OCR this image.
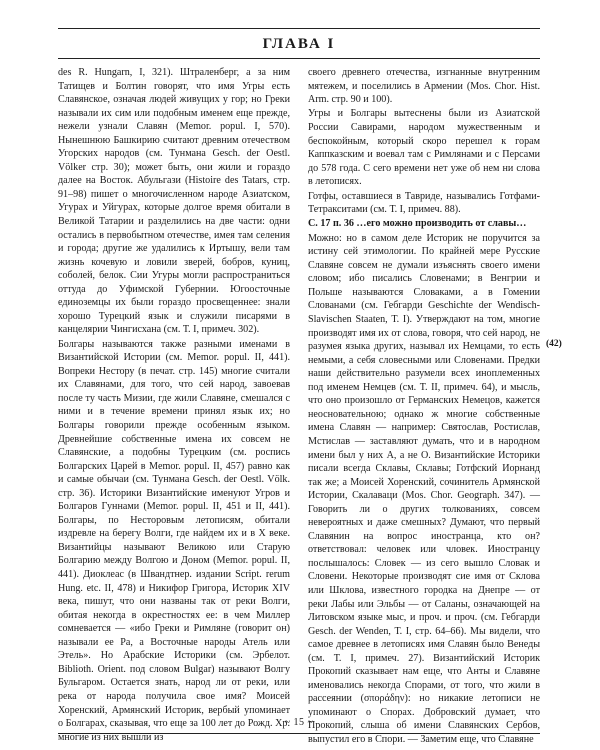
ГЛАВА I

des R. Hungarn, I, 321). Штраленберг, а за ним Татищев и Болтин говорят, что имя Угры есть Славянское, означая людей живущих у гор; но Греки называли их сим или подобным именем еще прежде, нежели узнали Славян (Memor. popul. I, 570). Нынешнюю Башкирию считают древним отечеством Угорских народов (см. Тунмана Gesch. der Oestl. Völker стр. 30); может быть, они жили и гораздо далее на Восток. Абульгази (Histoire des Tatars, стр. 91–98) пишет о многочисленном народе Азиатском, Угурах и Уйгурах, которые долгое время обитали в Великой Татарии и разделились на две части: одни остались в первобытном отечестве, имея там селения и города; другие же удалились к Иртышу, вели там жизнь кочевую и ловили зверей, бобров, куниц, соболей, белок. Сии Угуры могли распространиться оттуда до Уфимской Губернии. Югоосточные единоземцы их были гораздо просвещеннее: знали хорошо Турецкий язык и служили писарями в канцелярии Чингисхана (см. Т. I, примеч. 302).

Болгары называются также разными именами в Византийской Истории (см. Memor. popul. II, 441). Вопреки Нестору (в печат. стр. 145) многие считали их Славянами, для того, что сей народ, завоевав после ту часть Мизии, где жили Славяне, смешался с ними и в течение времени принял язык их; но Болгары говорили прежде особенным языком. Древнейшие собственные имена их совсем не Славянские, а подобны Турецким (см. роспись Болгарских Царей в Memor. popul. II, 457) равно как и самые обычаи (см. Тунмана Gesch. der Oestl. Völk. стр. 36). Историки Византийские именуют Угров и Болгаров Гуннами (Memor. popul. II, 451 и II, 441). Болгары, по Несторовым летописям, обитали издревле на берегу Волги, где найдем их и в X веке. Византийцы называют Великою или Старую Болгарию между Волгою и Доном (Memor. popul. II, 441). Диоклеас (в Швандтнер. издании Script. rerum Hung. etc. II, 478) и Никифор Григора, Историк XIV века, пишут, что они названы так от реки Волги, обитая некогда в окрестностях ее: в чем Миллер сомневается — «ибо Греки и Римляне (говорит он) называли ее Ра, а Восточные народы Атель или Этель». Но Арабские Историки (см. Эрбелот. Biblioth. Orient. под словом Bulgar) называют Волгу Бульгаром. Остается знать, народ ли от реки, или река от народа получила свое имя? Моисей Хоренский, Армянский Историк, вербый упоминает о Болгарах, сказывая, что еще за 100 лет до Рожд. Хр. многие из них вышли из

своего древнего отечества, изгнанные внутренним мятежем, и поселились в Армении (Mos. Chor. Hist. Arm. стр. 90 и 100).

Угры и Болгары вытеснены были из Азиатской России Савирами, народом мужественным и беспокойным, который скоро перешел к горам Каппказским и воевал там с Римлянами и с Персами до 578 года. С сего времени нет уже об нем ни слова в летописях.

Готфы, оставшиеся в Тавриде, назывались Готфами-Тетракситами (см. Т. I, примеч. 88).

С. 17 п. 36 …его можно производить от славы…

Можно: но в самом деле Историк не поручится за истину сей этимологии. По крайней мере Русские Славяне совсем не думали изъяснять своего имени словом; ибо писались Словенами; в Венгрии и Польше называются Словаками, а в Гомении Слованами (см. Гебгарди Geschichte der Wendisch-Slavischen Staaten, Т. I). Утверждают на том, многие производят имя их от слова, говоря, что сей народ, не разумея языка других, называл их Немцами, то есть немыми, а себя словесными или Словенами. Предки наши действительно разумели всех иноплеменных под именем Немцев (см. Т. II, примеч. 64), и мысль, что оно произошло от Германских Немецов, кажется неосновательною; однако ж многие собственные имена Славян — например: Святослав, Ростислав, Мстислав — заставляют думать, что и в народном имени был у них А, а не О. Византийские Историки писали всегда Склавы, Склавы; Готфский Иорнанд так же; а Моисей Хоренский, сочинитель Армянской Истории, Скалаваци (Mos. Chor. Geograph. 347). — Говорить ли о других толкованиях, совсем невероятных и даже смешных? Думают, что первый Славянин на вопрос иностранца, кто он? ответствовал: человек или чловек. Иностранцу послышалось: Словек — из сего вышло Словак и Словени. Некоторые производят сие имя от Склова или Шклова, известного городка на Днепре — от реки Лабы или Эльбы — от Саланы, означающей на Литовском языке мыс, и проч. и проч. (см. Гебгарди Gesch. der Wenden, Т. I, стр. 64–66). Мы видели, что самое древнее в летописях имя Славян было Венеды (см. Т. I, примеч. 27). Византийский Историк Прокопий сказывает нам еще, что Анты и Славяне именовались некогда Спорами, от того, что жили в рассеянии (σποράδην): но никакие летописи не упоминают о Спорах. Добровский думает, что Прокопий, слыша об имени Славянских Сербов, выпустил его в Спори. — Заметим еще, что Славяне

(42)
~ 15 ~
